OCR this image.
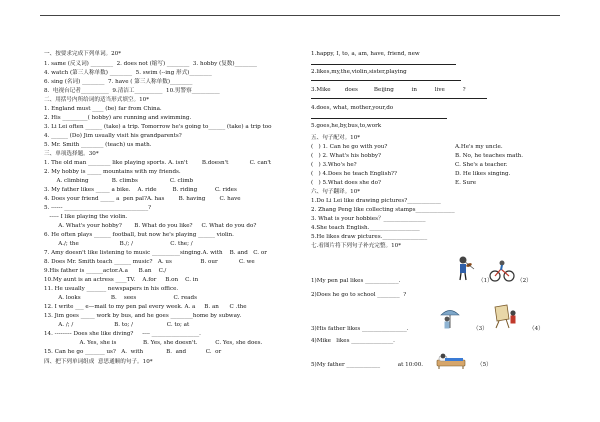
一、按要求完成下列单词。20*
1. same (反义词) ________  2. does not (缩写) ________  3. hobby (复数)________
4. watch (第三人称单数) ________  5. swim (--ing 形式)________
6. sing (名词) ________  7. have ( 第三人称单数)________
8.  电视台记者__________  9.清洁工__________  10.男警察__________
二、用括号内所给词的适当形式填空。10*
1. England must ____ (be) far from China.
2. His _________( hobby) are running and swimming.
3. Li Lei often ______ (take) a trip. Tomorrow he's going to______ (take) a trip too
4. ______ (Do) Jim usually visit his grandparents?
5. Mr. Smith ________ (teach) us math.
三、单项选择题。30*
1. The old man ________ like playing sports. A. isn't        B.doesn't            C. can't
2. My hobby is _____ mountains with my friends.
A. climbing             B. climbs                  C. climb
3. My father likes _____ a bike.    A. ride         B. riding          C. rides
4. Does your friend _____ a  pen pal?A. has        B. having        C. have
5. ------ ______________________________?
----- I like playing the violin.
A. What's your hobby?       B. What do you like?     C. What do you do?
6. He often plays ______ football, but now he's playing ______ violin.
A./; the                       B./; /                     C. the; /
7. Amy doesn't like listening to music __________singing.A. with    B. and   C. or
8. Does Mr. Smith teach ______ music?   A. us                B. our            C. we
9.His father is ______actor.A.a      B.an    C./
10.My aunt is an actress ____TV.    A.for     B.on    C. in
11. He usually _______ newspapers in his office.
A. looks                 B.    sees                     C. reads
12. I write ___ e—mail to my pen pal every week. A. a     B. an      C .the
13. Jim goes _____ work by bus, and he goes ________home by subway.
A. /; /                       B. to; /                   C. to; at
14. --------- Does she like diving?     ---- _________________.
A. Yes, she is               B. Yes, she doesn't.          C. Yes, she does.
15. Can he go _______ us?   A.  with             B.  and           C.  or
四、把下列单词组成  意思通顺的句子。10*
1.happy, I, to, a, am, have, friend, new
2.likes,my,the,violin,sister,playing
3.Mike        does         Beijing          in          live          ?
4.does, what, mother,your,do
5.goes,he,by,bus,to,work
五、句子配对。10*
(   ) 1. Can he go with you?	A.He's my uncle.
(   ) 2. What's his hobby?	B. No, he teaches math.
(   ) 3.Who's he?	C. She's a teacher.
(   ) 4.Does he teach English??	D. He likes singing.
(   ) 5.What does she do?	E. Sure
六、句子翻译。10*
1.Do Li Lei like drawing pictures?____________
2. Zhang Peng like collecting stamps______________
3. What is your hobbies？_______________
4.She teach English.__________________
5.He likes draw pictures.________________
七.看图片将下列句子补充完整。10*
1)My pen pal likes ____________.
2)Does he go to school ________  ?
3)His father likes ________________.
4)Mike   likes _______________.
5)My father ____________          at 10:00.
（1）	（2）
（3）	（4）
（5）
